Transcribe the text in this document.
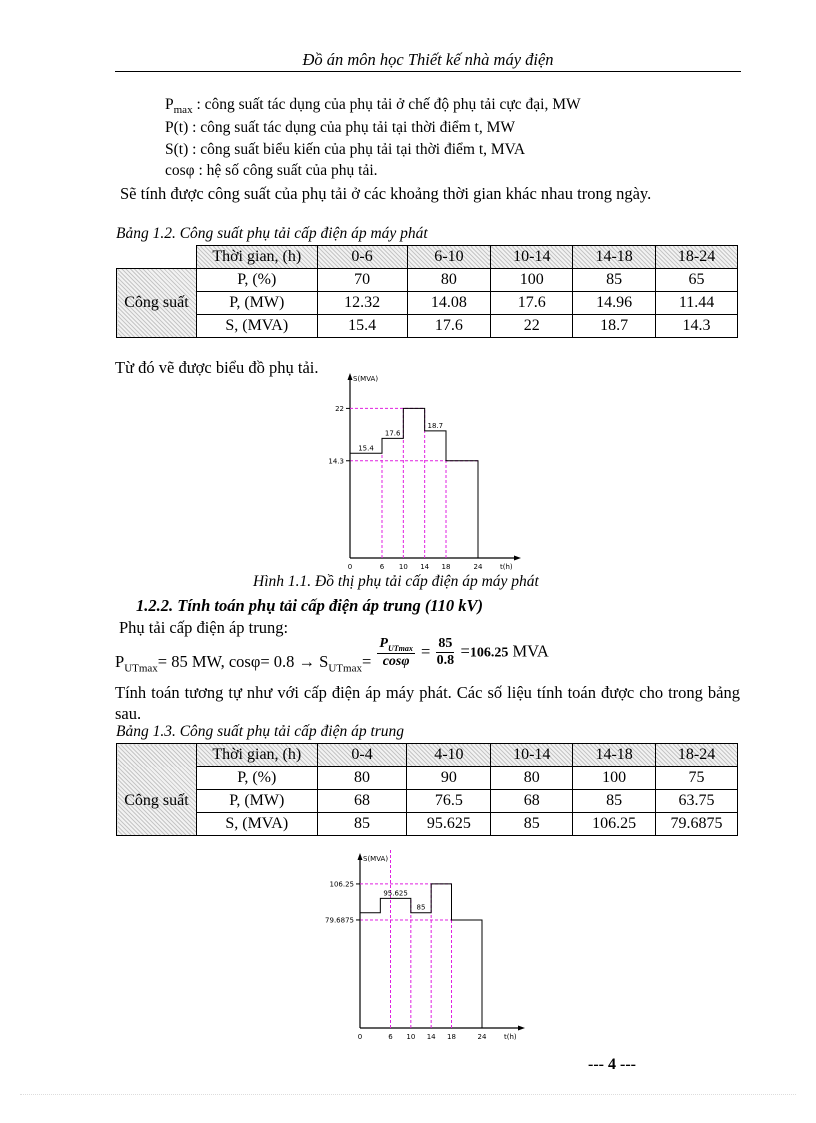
Đồ án môn học Thiết kế nhà máy điện
$P_{max}$ : công suất tác dụng của phụ tải ở chế độ phụ tải cực đại, MW
P(t) : công suất tác dụng của phụ tải tại thời điểm t, MW
S(t) : công suất biểu kiến của phụ tải tại thời điểm t, MVA
cosφ : hệ số công suất của phụ tải.
Sẽ tính được công suất của phụ tải ở các khoảng thời gian khác nhau trong ngày.
Bảng 1.2. Công suất phụ tải cấp điện áp máy phát
	Thời gian, (h)	0-6	6-10	10-14	14-18	18-24
Công suất	P, (%)	70	80	100	85	65
	P, (MW)	12.32	14.08	17.6	14.96	11.44
	S, (MVA)	15.4	17.6	22	18.7	14.3
Từ đó vẽ được biểu đồ phụ tải.
S(MVA)
t(h)
14.3
22
0	6 10 14 18	24
15.4
17.6
18.7
Hình 1.1. Đồ thị phụ tải cấp điện áp máy phát
1.2.2. Tính toán phụ tải cấp điện áp trung (110 kV)
Phụ tải cấp điện áp trung:
$P_{UTmax}= 85$ MW, $\cos\varphi= 0.8 \to S_{UTmax}= \frac{P_{UTmax}}{\cos\varphi} = \frac{85}{0.8} =106.25$ MVA
Tính toán tương tự như với cấp điện áp máy phát. Các số liệu tính toán được cho trong bảng sau.
Bảng 1.3. Công suất phụ tải cấp điện áp trung
	Thời gian, (h)	0-4	4-10	10-14	14-18	18-24
Công suất	P, (%)	80	90	80	100	75
	P, (MW)	68	76.5	68	85	63.75
	S, (MVA)	85	95.625	85	106.25	79.6875
S(MVA)
t(h)
79.6875
106.25
0	6 10 14 18	24
95.625
85
--- 4 ---
